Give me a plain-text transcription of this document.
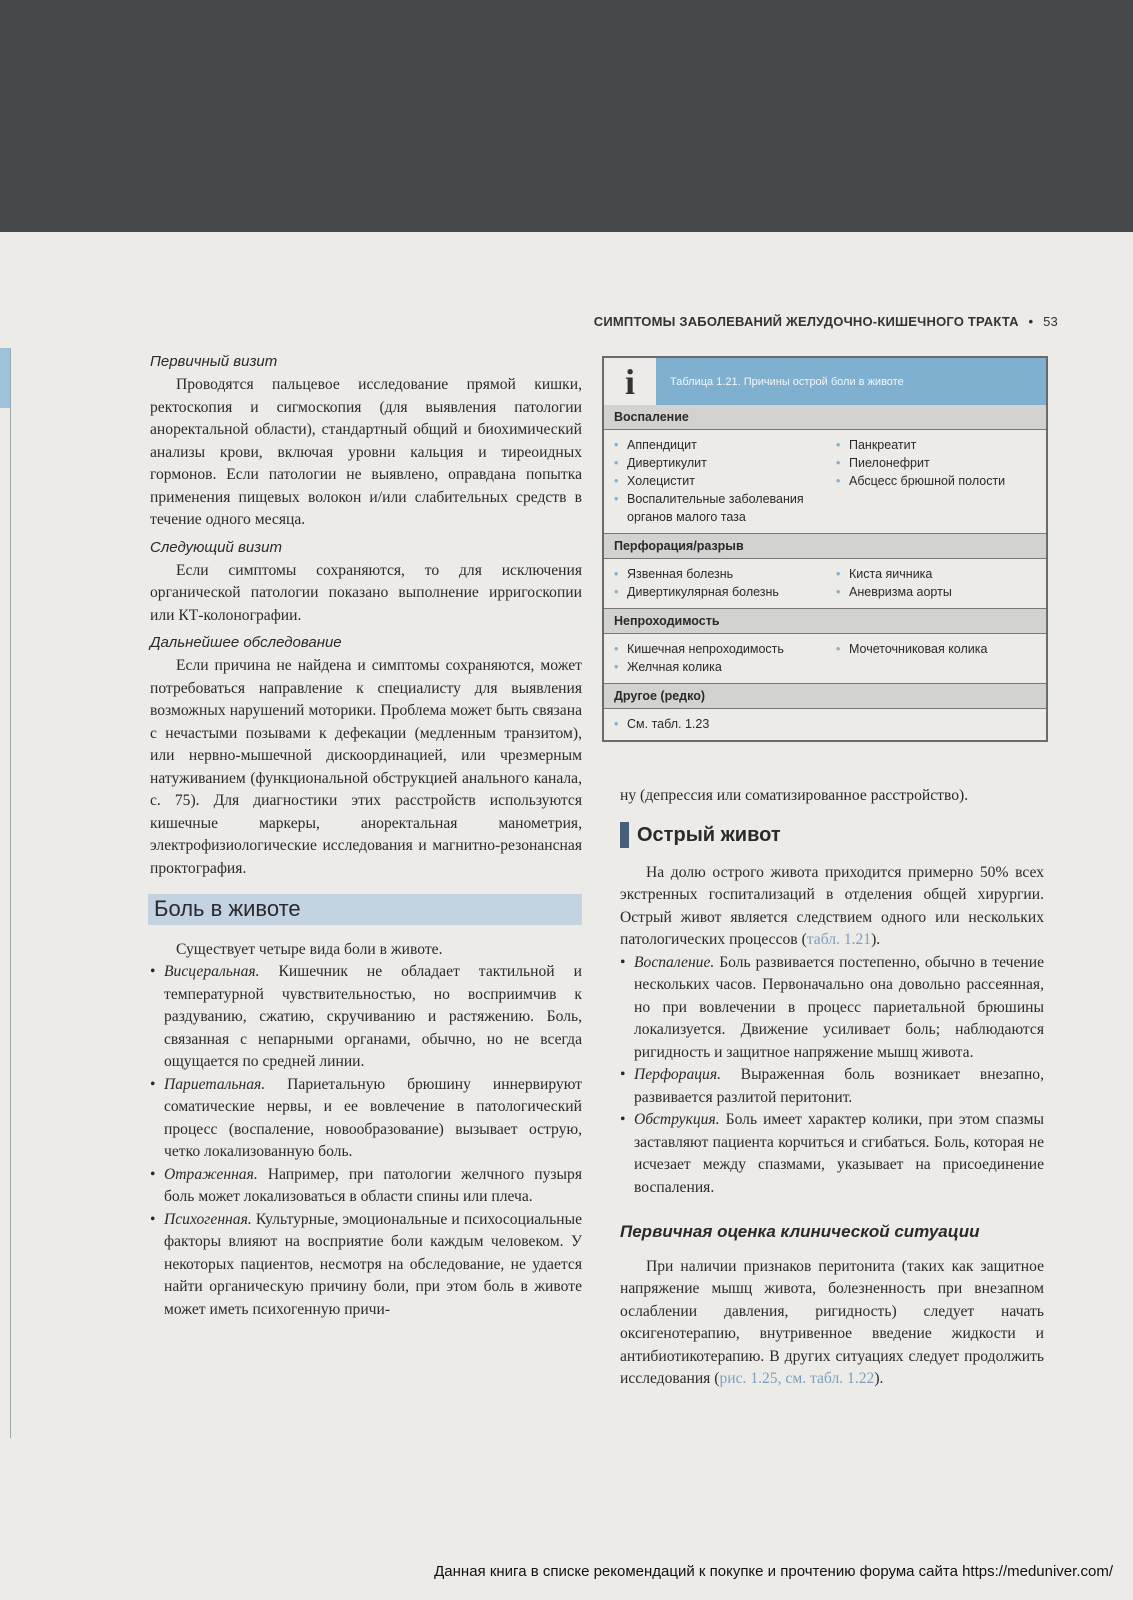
СИМПТОМЫ ЗАБОЛЕВАНИЙ ЖЕЛУДОЧНО-КИШЕЧНОГО ТРАКТА • 53
Первичный визит

Проводятся пальцевое исследование прямой кишки, ректоскопия и сигмоскопия (для выявления патологии аноректальной области), стандартный общий и биохимический анализы крови, включая уровни кальция и тиреоидных гормонов. Если патологии не выявлено, оправдана попытка применения пищевых волокон и/или слабительных средств в течение одного месяца.

Следующий визит

Если симптомы сохраняются, то для исключения органической патологии показано выполнение ирригоскопии или КТ-колонографии.

Дальнейшее обследование

Если причина не найдена и симптомы сохраняются, может потребоваться направление к специалисту для выявления возможных нарушений моторики. Проблема может быть связана с нечастыми позывами к дефекации (медленным транзитом), или нервно-мышечной дискоординацией, или чрезмерным натуживанием (функциональной обструкцией анального канала, с. 75). Для диагностики этих расстройств используются кишечные маркеры, аноректальная манометрия, электрофизиологические исследования и магнитно-резонансная проктография.

Боль в животе

Существует четыре вида боли в животе.

• Висцеральная. Кишечник не обладает тактильной и температурной чувствительностью, но восприимчив к раздуванию, сжатию, скручиванию и растяжению. Боль, связанная с непарными органами, обычно, но не всегда ощущается по средней линии.
• Париетальная. Париетальную брюшину иннервируют соматические нервы, и ее вовлечение в патологический процесс (воспаление, новообразование) вызывает острую, четко локализованную боль.
• Отраженная. Например, при патологии желчного пузыря боль может локализоваться в области спины или плеча.
• Психогенная. Культурные, эмоциональные и психосоциальные факторы влияют на восприятие боли каждым человеком. У некоторых пациентов, несмотря на обследование, не удается найти органическую причину боли, при этом боль в животе может иметь психогенную причи-
i	Таблица 1.21. Причины острой боли в животе
Воспаление
• Аппендицит
• Дивертикулит
• Холецистит
• Воспалительные заболевания органов малого таза
• Панкреатит
• Пиелонефрит
• Абсцесс брюшной полости
Перфорация/разрыв
• Язвенная болезнь
• Дивертикулярная болезнь
• Киста яичника
• Аневризма аорты
Непроходимость
• Кишечная непроходимость
• Желчная колика
• Мочеточниковая колика
Другое (редко)
• См. табл. 1.23

ну (депрессия или соматизированное расстройство).

Острый живот

На долю острого живота приходится примерно 50% всех экстренных госпитализаций в отделения общей хирургии. Острый живот является следствием одного или нескольких патологических процессов (табл. 1.21).

• Воспаление. Боль развивается постепенно, обычно в течение нескольких часов. Первоначально она довольно рассеянная, но при вовлечении в процесс париетальной брюшины локализуется. Движение усиливает боль; наблюдаются ригидность и защитное напряжение мышц живота.
• Перфорация. Выраженная боль возникает внезапно, развивается разлитой перитонит.
• Обструкция. Боль имеет характер колики, при этом спазмы заставляют пациента корчиться и сгибаться. Боль, которая не исчезает между спазмами, указывает на присоединение воспаления.
Первичная оценка клинической ситуации

При наличии признаков перитонита (таких как защитное напряжение мышц живота, болезненность при внезапном ослаблении давления, ригидность) следует начать оксигенотерапию, внутривенное введение жидкости и антибиотикотерапию. В других ситуациях следует продолжить исследования (рис. 1.25, см. табл. 1.22).

Данная книга в списке рекомендаций к покупке и прочтению форума сайта https://meduniver.com/
